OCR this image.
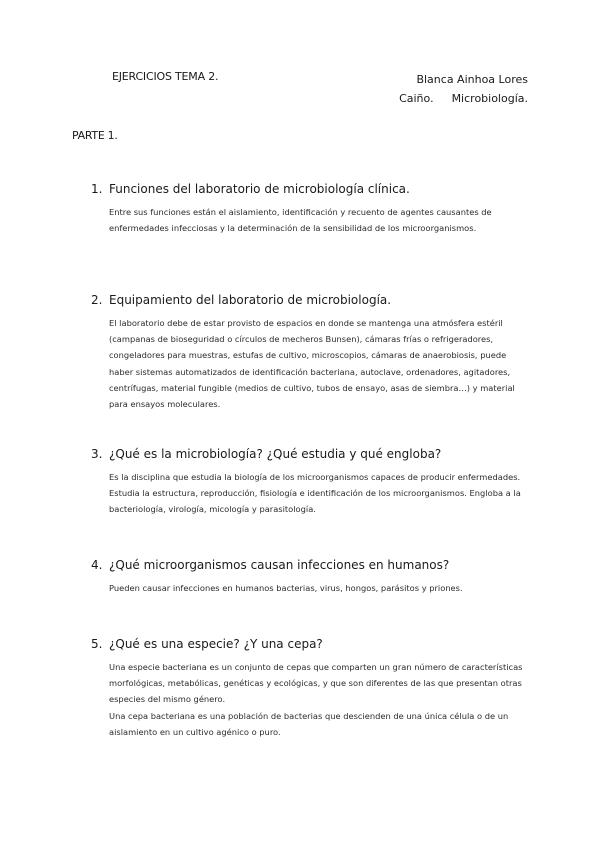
EJERCICIOS TEMA 2.	Blanca Ainhoa Lores
Caiño. Microbiología.
PARTE 1.
1. Funciones del laboratorio de microbiología clínica.

Entre sus funciones están el aislamiento, identificación y recuento de agentes causantes de enfermedades infecciosas y la determinación de la sensibilidad de los microorganismos.

2. Equipamiento del laboratorio de microbiología.

El laboratorio debe de estar provisto de espacios en donde se mantenga una atmósfera estéril (campanas de bioseguridad o círculos de mecheros Bunsen), cámaras frías o refrigeradores, congeladores para muestras, estufas de cultivo, microscopios, cámaras de anaerobiosis, puede haber sistemas automatizados de identificación bacteriana, autoclave, ordenadores, agitadores, centrífugas, material fungible (medios de cultivo, tubos de ensayo, asas de siembra…) y material para ensayos moleculares.

3. ¿Qué es la microbiología? ¿Qué estudia y qué engloba?

Es la disciplina que estudia la biología de los microorganismos capaces de producir enfermedades. Estudia la estructura, reproducción, fisiología e identificación de los microorganismos. Engloba a la bacteriología, virología, micología y parasitología.

4. ¿Qué microorganismos causan infecciones en humanos?

Pueden causar infecciones en humanos bacterias, virus, hongos, parásitos y priones.

5. ¿Qué es una especie? ¿Y una cepa?

Una especie bacteriana es un conjunto de cepas que comparten un gran número de características morfológicas, metabólicas, genéticas y ecológicas, y que son diferentes de las que presentan otras especies del mismo género.

Una cepa bacteriana es una población de bacterias que descienden de una única célula o de un aislamiento en un cultivo agénico o puro.
